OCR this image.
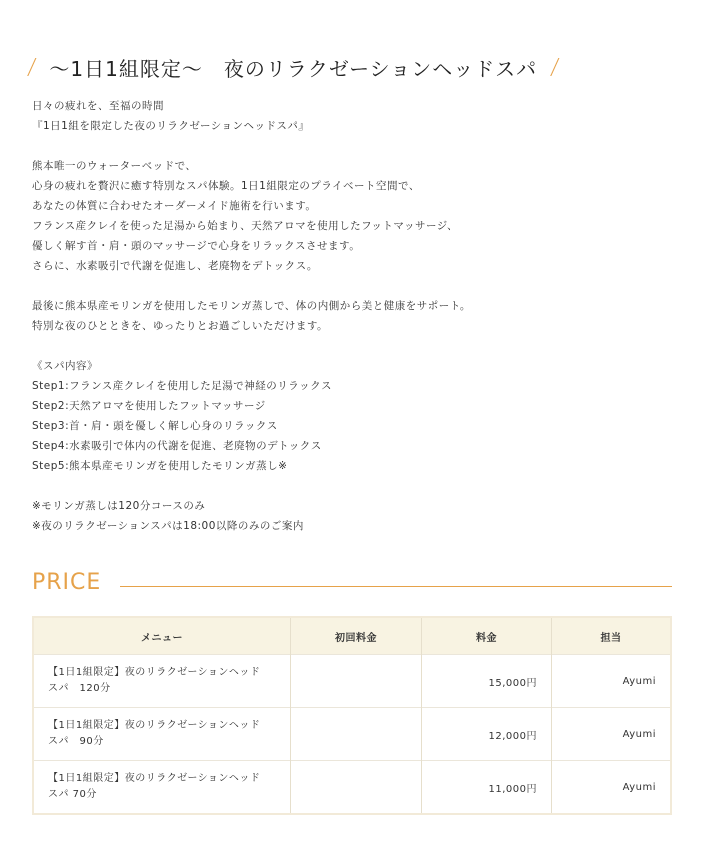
/ 〜1日1組限定〜　夜のリラクゼーションヘッドスパ /

日々の疲れを、至福の時間

『1日1組を限定した夜のリラクゼーションヘッドスパ』

熊本唯一のウォーターベッドで、

心身の疲れを贅沢に癒す特別なスパ体験。1日1組限定のプライベート空間で、

あなたの体質に合わせたオーダーメイド施術を行います。

フランス産クレイを使った足湯から始まり、天然アロマを使用したフットマッサージ、

優しく解す首・肩・頭のマッサージで心身をリラックスさせます。

さらに、水素吸引で代謝を促進し、老廃物をデトックス。

最後に熊本県産モリンガを使用したモリンガ蒸しで、体の内側から美と健康をサポート。

特別な夜のひとときを、ゆったりとお過ごしいただけます。

《スパ内容》

Step1:フランス産クレイを使用した足湯で神経のリラックス

Step2:天然アロマを使用したフットマッサージ

Step3:首・肩・頭を優しく解し心身のリラックス

Step4:水素吸引で体内の代謝を促進、老廃物のデトックス

Step5:熊本県産モリンガを使用したモリンガ蒸し※

※モリンガ蒸しは120分コースのみ

※夜のリラクゼーションスパは18:00以降のみのご案内

PRICE
メニュー	初回料金	料金	担当

【1日1組限定】夜のリラクゼーションヘッド
スパ　120分		15,000円	Ayumi

【1日1組限定】夜のリラクゼーションヘッド
スパ　90分		12,000円	Ayumi

【1日1組限定】夜のリラクゼーションヘッド
スパ 70分		11,000円	Ayumi
